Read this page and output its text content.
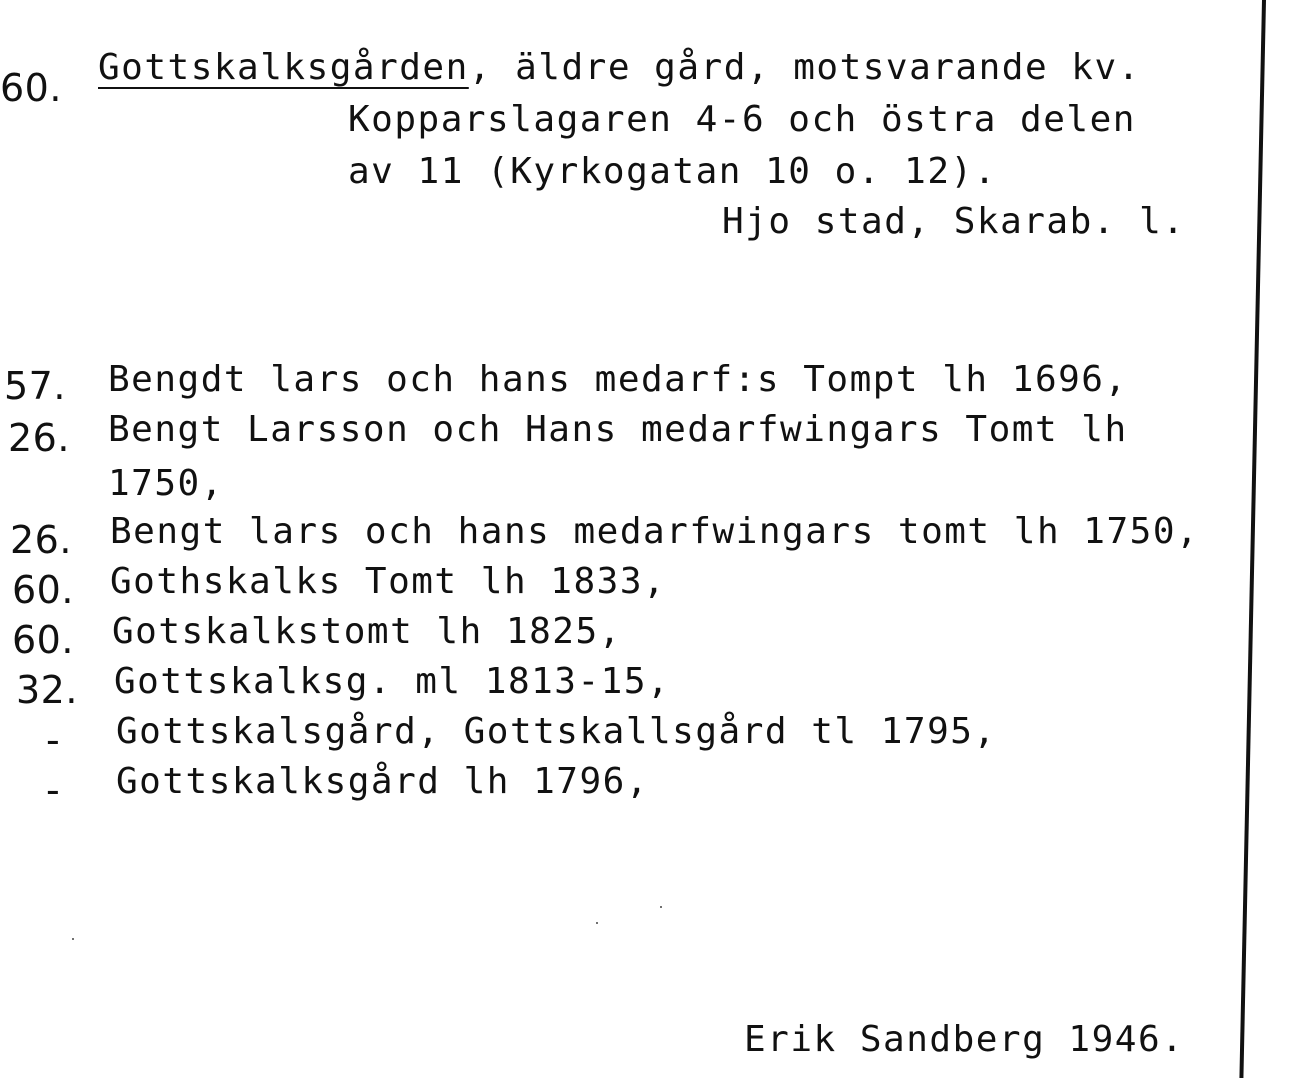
60. Gottskalksgården, äldre gård, motsvarande kv.
Kopparslagaren 4-6 och östra delen
av 11 (Kyrkogatan 10 o. 12).
Hjo stad, Skarab. l.
57. Bengdt lars och hans medarf:s Tompt lh 1696,
26. Bengt Larsson och Hans medarfwingars Tomt lh
1750,
26. Bengt lars och hans medarfwingars tomt lh 1750,
60. Gothskalks Tomt lh 1833,
60. Gotskalkstomt lh 1825,
32. Gottskalksg. ml 1813-15,
- Gottskalsgård, Gottskallsgård tl 1795,
- Gottskalksgård lh 1796,
Erik Sandberg 1946.
